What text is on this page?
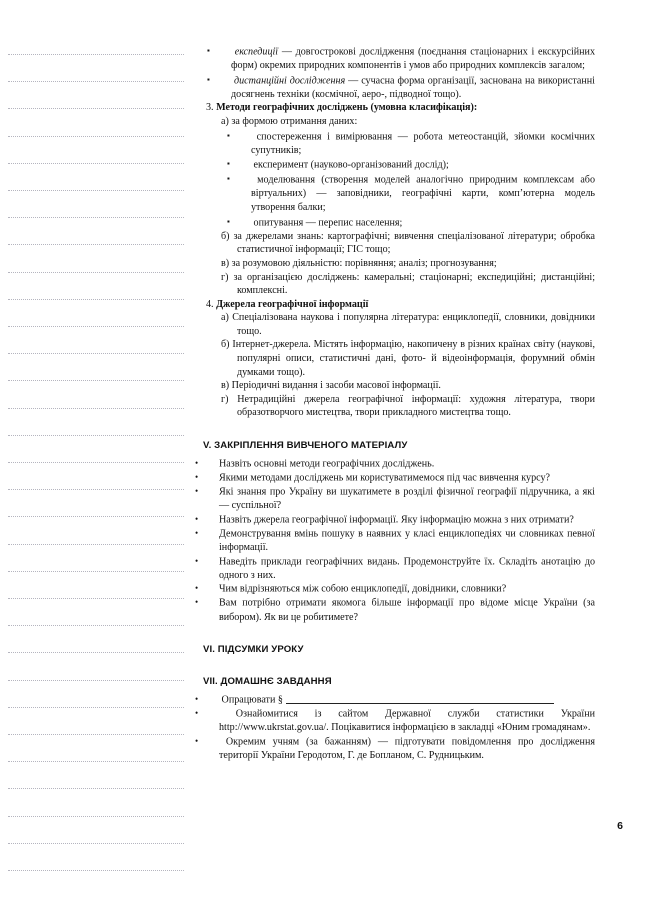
▪ експедиції — довгострокові дослідження (поєднання стаціонарних і екскурсійних форм) окремих природних компонентів і умов або природних комплексів загалом;
▪ дистанційні дослідження — сучасна форма організації, заснована на використанні досягнень техніки (космічної, аеро-, підводної тощо).
3. Методи географічних досліджень (умовна класифікація):
а) за формою отримання даних:
▪ спостереження і вимірювання — робота метеостанцій, зйомки космічних супутників;
▪ експеримент (науково-організований дослід);
▪ моделювання (створення моделей аналогічно природним комплексам або віртуальних) — заповідники, географічні карти, комп’ютерна модель утворення балки;
▪ опитування — перепис населення;
б) за джерелами знань: картографічні; вивчення спеціалізованої літератури; обробка статистичної інформації; ГІС тощо;
в) за розумовою діяльністю: порівняння; аналіз; прогнозування;
г) за організацією досліджень: камеральні; стаціонарні; експедиційні; дистанційні; комплексні.
4. Джерела географічної інформації
а) Спеціалізована наукова і популярна література: енциклопедії, словники, довідники тощо.
б) Інтернет-джерела. Містять інформацію, накопичену в різних країнах світу (наукові, популярні описи, статистичні дані, фото- й відеоінформація, форумний обмін думками тощо).
в) Періодичні видання і засоби масової інформації.
г) Нетрадиційні джерела географічної інформації: художня література, твори образотворчого мистецтва, твори прикладного мистецтва тощо.
V. ЗАКРІПЛЕННЯ ВИВЧЕНОГО МАТЕРІАЛУ
• Назвіть основні методи географічних досліджень.
• Якими методами досліджень ми користуватимемося під час вивчення курсу?
• Які знання про Україну ви шукатимете в розділі фізичної географії підручника, а які — суспільної?
• Назвіть джерела географічної інформації. Яку інформацію можна з них отримати?
• Демонстрування вмінь пошуку в наявних у класі енциклопедіях чи словниках певної інформації.
• Наведіть приклади географічних видань. Продемонструйте їх. Складіть анотацію до одного з них.
• Чим відрізняються між собою енциклопедії, довідники, словники?
• Вам потрібно отримати якомога більше інформації про відоме місце України (за вибором). Як ви це робитимете?
VI. ПІДСУМКИ УРОКУ
VII. ДОМАШНЄ ЗАВДАННЯ
• Опрацювати §
• Ознайомитися із сайтом Державної служби статистики України http://www.ukrstat.gov.ua/. Поцікавитися інформацією в закладці «Юним громадянам».
• Окремим учням (за бажанням) — підготувати повідомлення про дослідження території України Геродотом, Г. де Бопланом, С. Рудницьким.
6
